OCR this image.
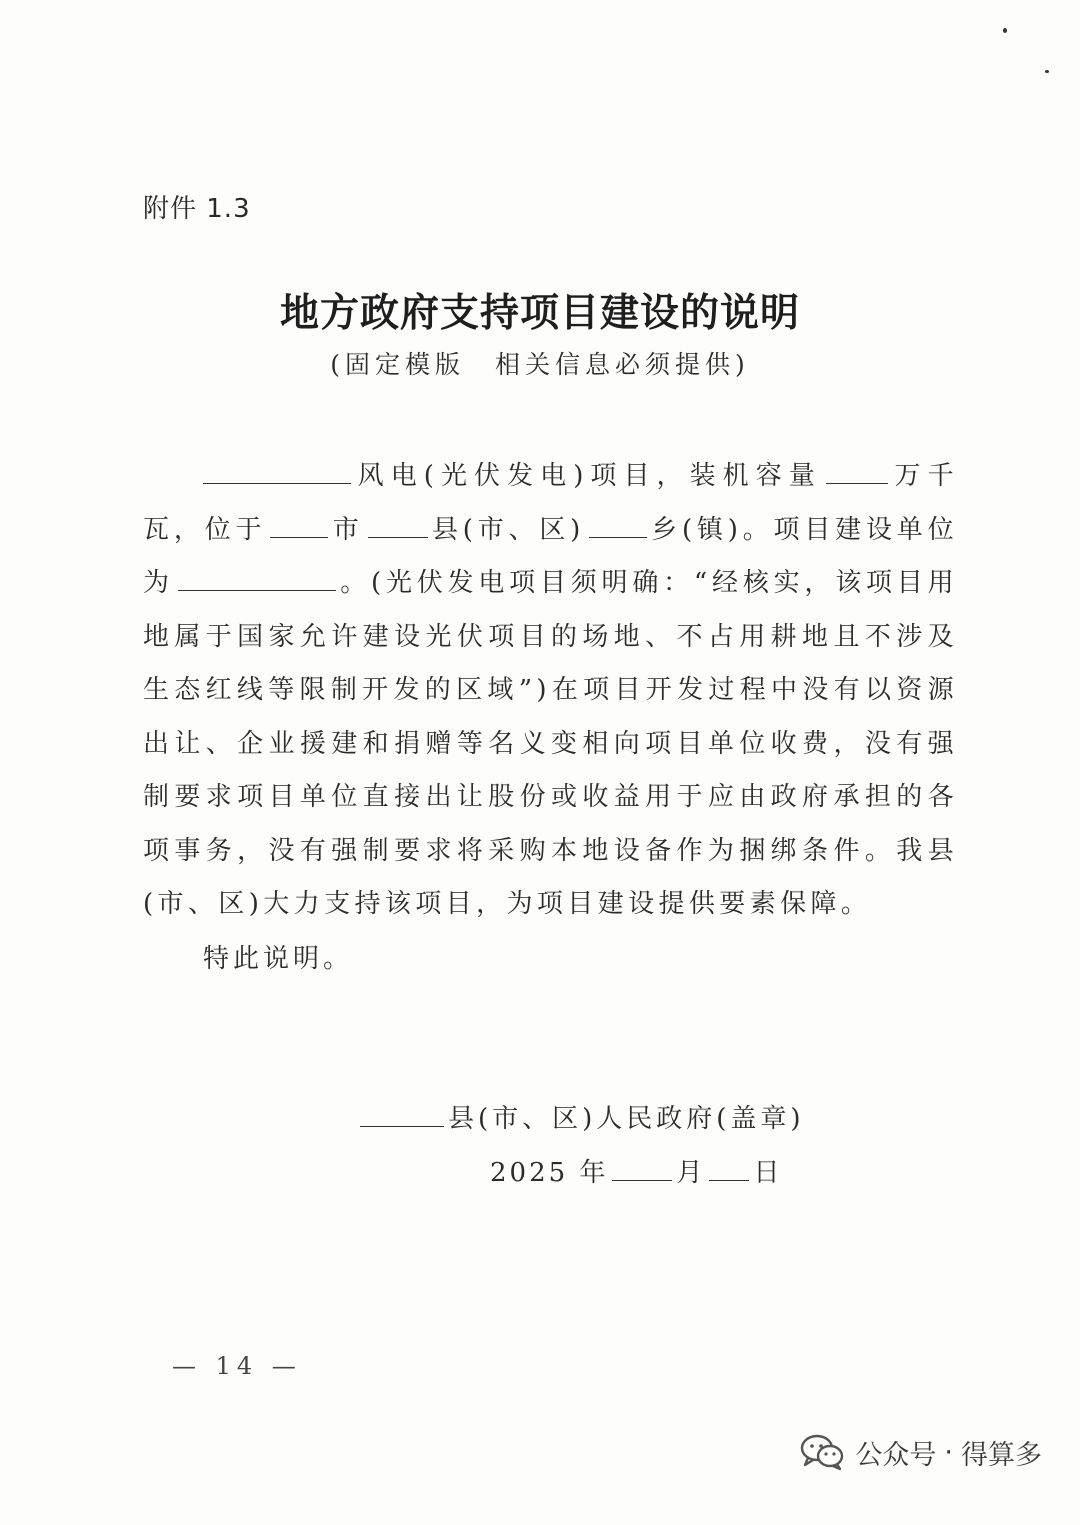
附件 1.3
地方政府支持项目建设的说明
(固定模版　相关信息必须提供)

风电(光伏发电)项目，装机容量	万千瓦，位于	市	县(市、区)	乡(镇)。项目建设单位为	。(光伏发电项目须明确：“经核实，该项目用地属于国家允许建设光伏项目的场地、不占用耕地且不涉及生态红线等限制开发的区域”)在项目开发过程中没有以资源出让、企业援建和捐赠等名义变相向项目单位收费，没有强制要求项目单位直接出让股份或收益用于应由政府承担的各项事务，没有强制要求将采购本地设备作为捆绑条件。我县(市、区)大力支持该项目，为项目建设提供要素保障。

特此说明。
县(市、区)人民政府(盖章)
2025 年	月 日
— 14 —
公众号 · 得算多
